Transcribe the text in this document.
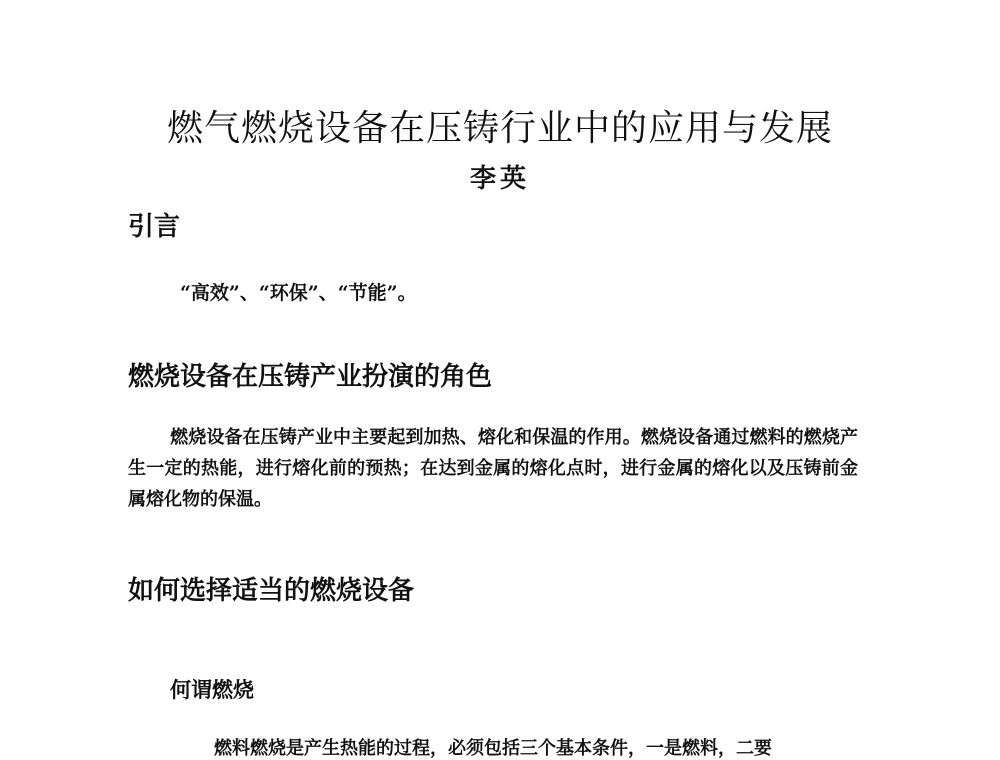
燃气燃烧设备在压铸行业中的应用与发展
李英
引言
“高效”、“环保”、“节能”。
燃烧设备在压铸产业扮演的角色

燃烧设备在压铸产业中主要起到加热、熔化和保温的作用。燃烧设备通过燃料的燃烧产生一定的热能，进行熔化前的预热；在达到金属的熔化点时，进行金属的熔化以及压铸前金属熔化物的保温。

如何选择适当的燃烧设备
何谓燃烧
燃料燃烧是产生热能的过程，必须包括三个基本条件，一是燃料，二要
